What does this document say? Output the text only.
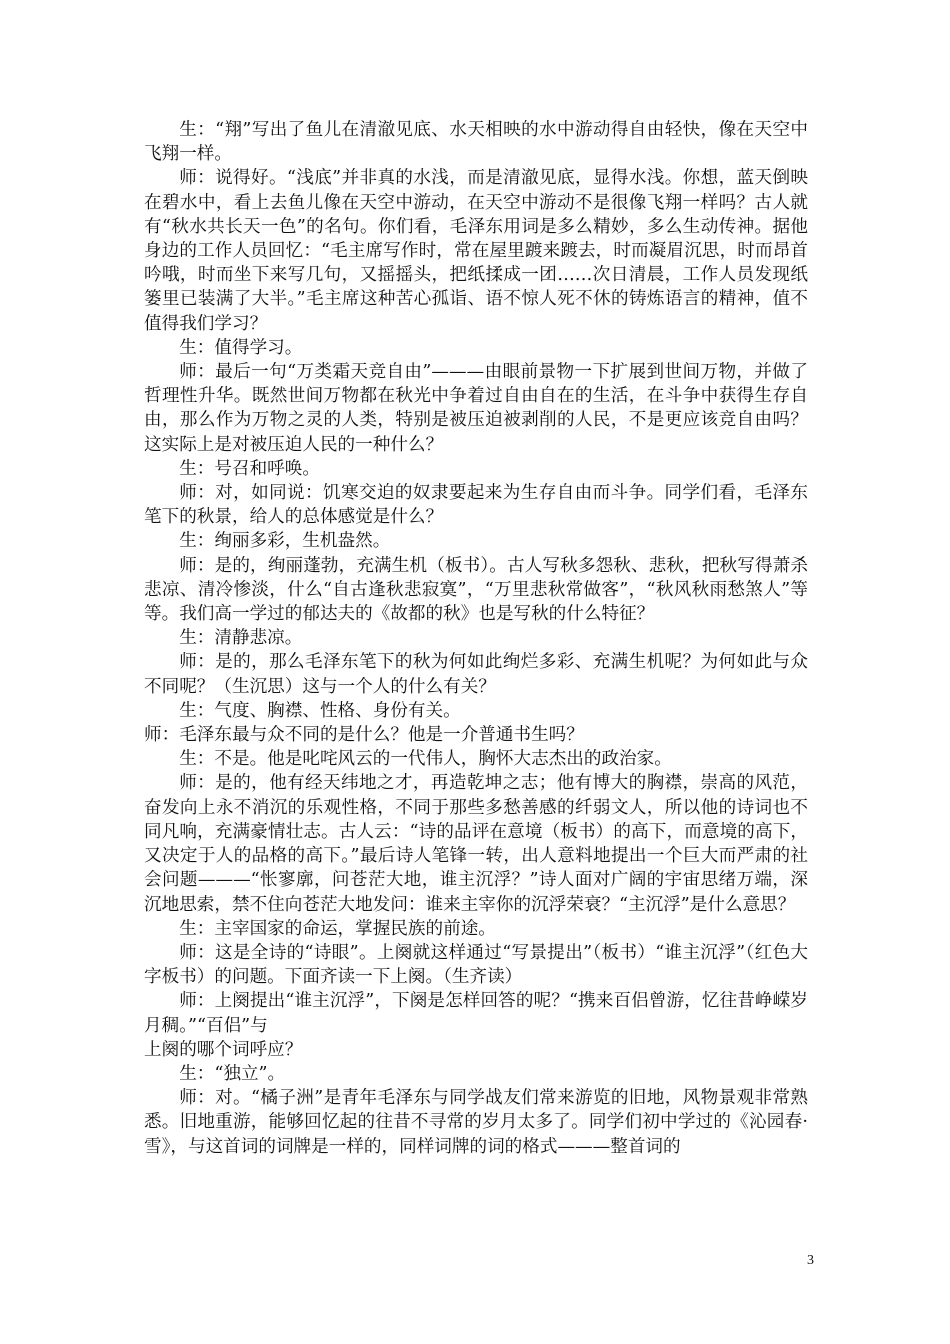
生：“翔”写出了鱼儿在清澈见底、水天相映的水中游动得自由轻快，像在天空中飞翔一样。

师：说得好。“浅底”并非真的水浅，而是清澈见底，显得水浅。你想，蓝天倒映在碧水中，看上去鱼儿像在天空中游动，在天空中游动不是很像飞翔一样吗？古人就有“秋水共长天一色”的名句。你们看，毛泽东用词是多么精妙，多么生动传神。据他身边的工作人员回忆：“毛主席写作时，常在屋里踱来踱去，时而凝眉沉思，时而昂首吟哦，时而坐下来写几句，又摇摇头，把纸揉成一团……次日清晨，工作人员发现纸篓里已装满了大半。”毛主席这种苦心孤诣、语不惊人死不休的铸炼语言的精神，值不值得我们学习？

生：值得学习。

师：最后一句“万类霜天竞自由”———由眼前景物一下扩展到世间万物，并做了哲理性升华。既然世间万物都在秋光中争着过自由自在的生活，在斗争中获得生存自由，那么作为万物之灵的人类，特别是被压迫被剥削的人民，不是更应该竞自由吗？这实际上是对被压迫人民的一种什么？

生：号召和呼唤。

师：对，如同说：饥寒交迫的奴隶要起来为生存自由而斗争。同学们看，毛泽东笔下的秋景，给人的总体感觉是什么？

生：绚丽多彩，生机盎然。

师：是的，绚丽蓬勃，充满生机（板书）。古人写秋多怨秋、悲秋，把秋写得萧杀悲凉、清冷惨淡，什么“自古逢秋悲寂寞”，“万里悲秋常做客”，“秋风秋雨愁煞人”等等。我们高一学过的郁达夫的《故都的秋》也是写秋的什么特征？

生：清静悲凉。

师：是的，那么毛泽东笔下的秋为何如此绚烂多彩、充满生机呢？为何如此与众不同呢？（生沉思）这与一个人的什么有关？

生：气度、胸襟、性格、身份有关。

师：毛泽东最与众不同的是什么？他是一介普通书生吗？

生：不是。他是叱咤风云的一代伟人，胸怀大志杰出的政治家。

师：是的，他有经天纬地之才，再造乾坤之志；他有博大的胸襟，崇高的风范，奋发向上永不消沉的乐观性格，不同于那些多愁善感的纤弱文人，所以他的诗词也不同凡响，充满豪情壮志。古人云：“诗的品评在意境（板书）的高下，而意境的高下，又决定于人的品格的高下。”最后诗人笔锋一转，出人意料地提出一个巨大而严肃的社会问题———“怅寥廓，问苍茫大地，谁主沉浮？”诗人面对广阔的宇宙思绪万端，深沉地思索，禁不住向苍茫大地发问：谁来主宰你的沉浮荣衰？“主沉浮”是什么意思？

生：主宰国家的命运，掌握民族的前途。

师：这是全诗的“诗眼”。上阕就这样通过“写景提出”（板书）“谁主沉浮”（红色大字板书）的问题。下面齐读一下上阕。（生齐读）

师：上阕提出“谁主沉浮”，下阕是怎样回答的呢？“携来百侣曾游，忆往昔峥嵘岁月稠。”“百侣”与

上阕的哪个词呼应？

生：“独立”。

师：对。“橘子洲”是青年毛泽东与同学战友们常来游览的旧地，风物景观非常熟悉。旧地重游，能够回忆起的往昔不寻常的岁月太多了。同学们初中学过的《沁园春·雪》，与这首词的词牌是一样的，同样词牌的词的格式———整首词的

3
